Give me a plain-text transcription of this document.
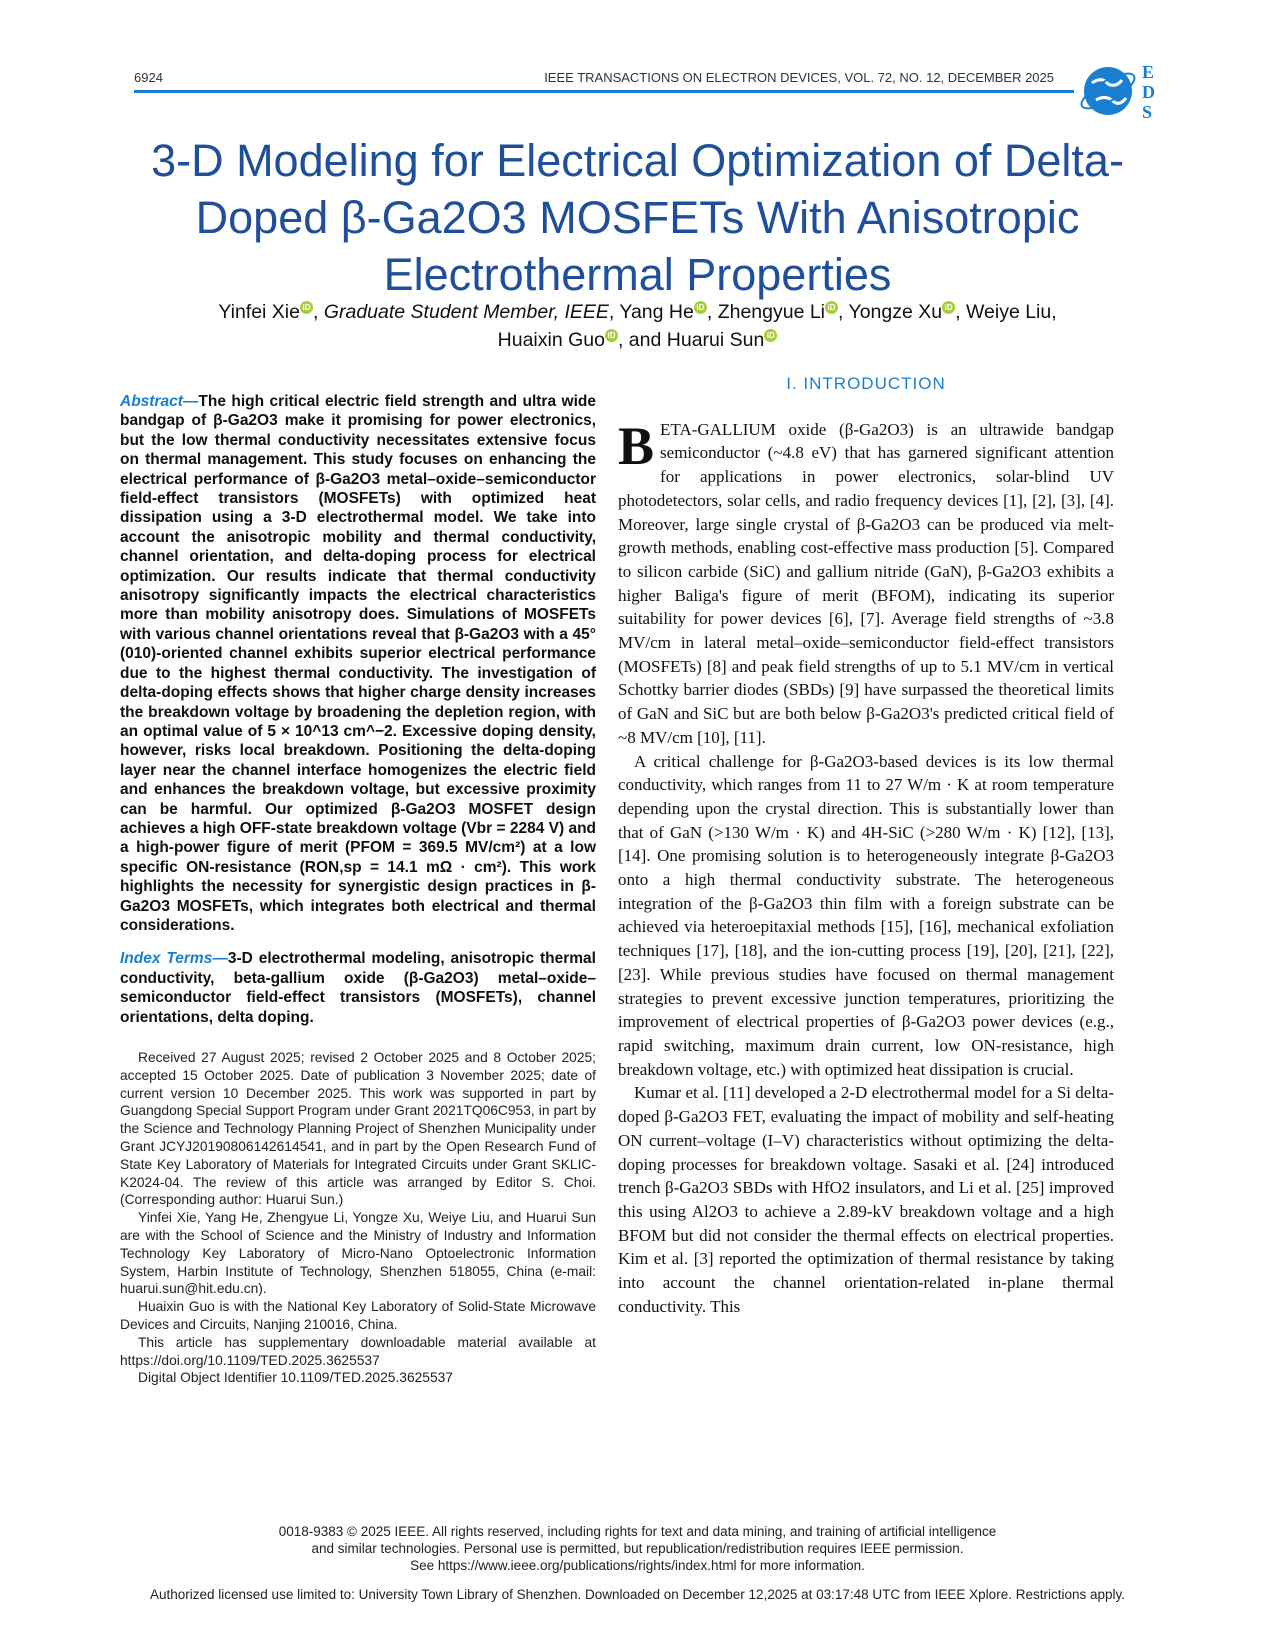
6924	IEEE TRANSACTIONS ON ELECTRON DEVICES, VOL. 72, NO. 12, DECEMBER 2025	E
D
S
3-D Modeling for Electrical Optimization of Delta-Doped β-Ga2O3 MOSFETs With Anisotropic Electrothermal Properties
Yinfei Xie iD , Graduate Student Member, IEEE, Yang He iD , Zhengyue Li iD , Yongze Xu iD , Weiye Liu,
Huaixin Guo iD , and Huarui Sun iD
Abstract—The high critical electric field strength and ultra wide bandgap of β-Ga2O3 make it promising for power electronics, but the low thermal conductivity necessitates extensive focus on thermal management. This study focuses on enhancing the electrical performance of β-Ga2O3 metal–oxide–semiconductor field-effect transistors (MOSFETs) with optimized heat dissipation using a 3-D electrothermal model. We take into account the anisotropic mobility and thermal conductivity, channel orientation, and delta-doping process for electrical optimization. Our results indicate that thermal conductivity anisotropy significantly impacts the electrical characteristics more than mobility anisotropy does. Simulations of MOSFETs with various channel orientations reveal that β-Ga2O3 with a 45° (010)-oriented channel exhibits superior electrical performance due to the highest thermal conductivity. The investigation of delta-doping effects shows that higher charge density increases the breakdown voltage by broadening the depletion region, with an optimal value of 5 × 10^13 cm^−2. Excessive doping density, however, risks local breakdown. Positioning the delta-doping layer near the channel interface homogenizes the electric field and enhances the breakdown voltage, but excessive proximity can be harmful. Our optimized β-Ga2O3 MOSFET design achieves a high OFF-state breakdown voltage (Vbr = 2284 V) and a high-power figure of merit (PFOM = 369.5 MV/cm²) at a low specific ON-resistance (RON,sp = 14.1 mΩ · cm²). This work highlights the necessity for synergistic design practices in β-Ga2O3 MOSFETs, which integrates both electrical and thermal considerations.
Index Terms—3-D electrothermal modeling, anisotropic thermal conductivity, beta-gallium oxide (β-Ga2O3) metal–oxide–semiconductor field-effect transistors (MOSFETs), channel orientations, delta doping.

Received 27 August 2025; revised 2 October 2025 and 8 October 2025; accepted 15 October 2025. Date of publication 3 November 2025; date of current version 10 December 2025. This work was supported in part by Guangdong Special Support Program under Grant 2021TQ06C953, in part by the Science and Technology Planning Project of Shenzhen Municipality under Grant JCYJ20190806142614541, and in part by the Open Research Fund of State Key Laboratory of Materials for Integrated Circuits under Grant SKLIC-K2024-04. The review of this article was arranged by Editor S. Choi. (Corresponding author: Huarui Sun.)

Yinfei Xie, Yang He, Zhengyue Li, Yongze Xu, Weiye Liu, and Huarui Sun are with the School of Science and the Ministry of Industry and Information Technology Key Laboratory of Micro-Nano Optoelectronic Information System, Harbin Institute of Technology, Shenzhen 518055, China (e-mail: huarui.sun@hit.edu.cn).

Huaixin Guo is with the National Key Laboratory of Solid-State Microwave Devices and Circuits, Nanjing 210016, China.

This article has supplementary downloadable material available at https://doi.org/10.1109/TED.2025.3625537

Digital Object Identifier 10.1109/TED.2025.3625537

I. INTRODUCTION

BETA-GALLIUM oxide (β-Ga2O3) is an ultrawide bandgap semiconductor (~4.8 eV) that has garnered significant attention for applications in power electronics, solar-blind UV photodetectors, solar cells, and radio frequency devices [1], [2], [3], [4]. Moreover, large single crystal of β-Ga2O3 can be produced via melt-growth methods, enabling cost-effective mass production [5]. Compared to silicon carbide (SiC) and gallium nitride (GaN), β-Ga2O3 exhibits a higher Baliga's figure of merit (BFOM), indicating its superior suitability for power devices [6], [7]. Average field strengths of ~3.8 MV/cm in lateral metal–oxide–semiconductor field-effect transistors (MOSFETs) [8] and peak field strengths of up to 5.1 MV/cm in vertical Schottky barrier diodes (SBDs) [9] have surpassed the theoretical limits of GaN and SiC but are both below β-Ga2O3's predicted critical field of ~8 MV/cm [10], [11].

A critical challenge for β-Ga2O3-based devices is its low thermal conductivity, which ranges from 11 to 27 W/m · K at room temperature depending upon the crystal direction. This is substantially lower than that of GaN (>130 W/m · K) and 4H-SiC (>280 W/m · K) [12], [13], [14]. One promising solution is to heterogeneously integrate β-Ga2O3 onto a high thermal conductivity substrate. The heterogeneous integration of the β-Ga2O3 thin film with a foreign substrate can be achieved via heteroepitaxial methods [15], [16], mechanical exfoliation techniques [17], [18], and the ion-cutting process [19], [20], [21], [22], [23]. While previous studies have focused on thermal management strategies to prevent excessive junction temperatures, prioritizing the improvement of electrical properties of β-Ga2O3 power devices (e.g., rapid switching, maximum drain current, low ON-resistance, high breakdown voltage, etc.) with optimized heat dissipation is crucial.

Kumar et al. [11] developed a 2-D electrothermal model for a Si delta-doped β-Ga2O3 FET, evaluating the impact of mobility and self-heating ON current–voltage (I–V) characteristics without optimizing the delta-doping processes for breakdown voltage. Sasaki et al. [24] introduced trench β-Ga2O3 SBDs with HfO2 insulators, and Li et al. [25] improved this using Al2O3 to achieve a 2.89-kV breakdown voltage and a high BFOM but did not consider the thermal effects on electrical properties. Kim et al. [3] reported the optimization of thermal resistance by taking into account the channel orientation-related in-plane thermal conductivity. This

0018-9383 © 2025 IEEE. All rights reserved, including rights for text and data mining, and training of artificial intelligence
and similar technologies. Personal use is permitted, but republication/redistribution requires IEEE permission.
See https://www.ieee.org/publications/rights/index.html for more information.
Authorized licensed use limited to: University Town Library of Shenzhen. Downloaded on December 12,2025 at 03:17:48 UTC from IEEE Xplore. Restrictions apply.
